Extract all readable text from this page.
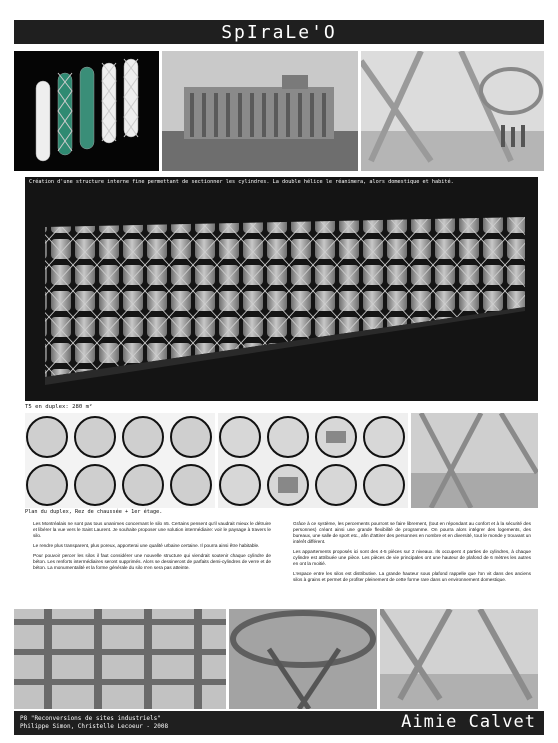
SpIraLe'O
Création d'une structure interne fine permettant de sectionner les cylindres. La double hélice le réanimera, alors domestique et habité.
T5 en duplex: 280 m²
Plan du duplex, Rez de chaussée + 1er étage.

Les Montréalais ne sont pas tous unanimes concernant le silo n5. Certains pensent qu'il vaudrait mieux le détruire et libérer la vue vers le Saint Laurent. Je souhaite proposer une solution intermédiaire: voir le paysage à travers le silo.

Le rendre plus transparent, plus poreux, apporterai une qualité urbaine certaine. Il pourra ainsi être habitable.

Pour pouvoir percer les silos il faut considérer une nouvelle structure qui viendrait soutenir chaque cylindre de béton. Les renforts intermédiaires seront supprimés. Alors se dessineront de parfaits demi-cylindres de verre et de béton. La monumentalité et la forme générale du silo n'en sera pas atteinte.

Grâce à ce système, les percements pourront se faire librement, (tout en répondant au confort et à la sécurité des personnes) créant ainsi une grande flexibilité de programme. On pourra alors intégrer des logements, des bureaux, une salle de sport etc., afin d'attirer des personnes en nombre et en diversité, tout le monde y trouvant un intérêt différent.

Les appartements proposés ici sont des 4-5 pièces sur 2 niveaux. Ils occupent 4 parties de cylindres, à chaque cylindre est attribuée une pièce. Les pièces de vie principales ont une hauteur de plafond de 6 mètres les autres en ont la moitié.

L'espace entre les silos est distributive. La grande hauteur sous plafond rappelle que l'on vit dans des anciens silos à grains et permet de profiter pleinement de cette forme rare dans un environnement domestique.

P8 "Reconversions de sites industriels"
Philippe Simon, Christelle Lecoeur - 2008	Aimie Calvet
